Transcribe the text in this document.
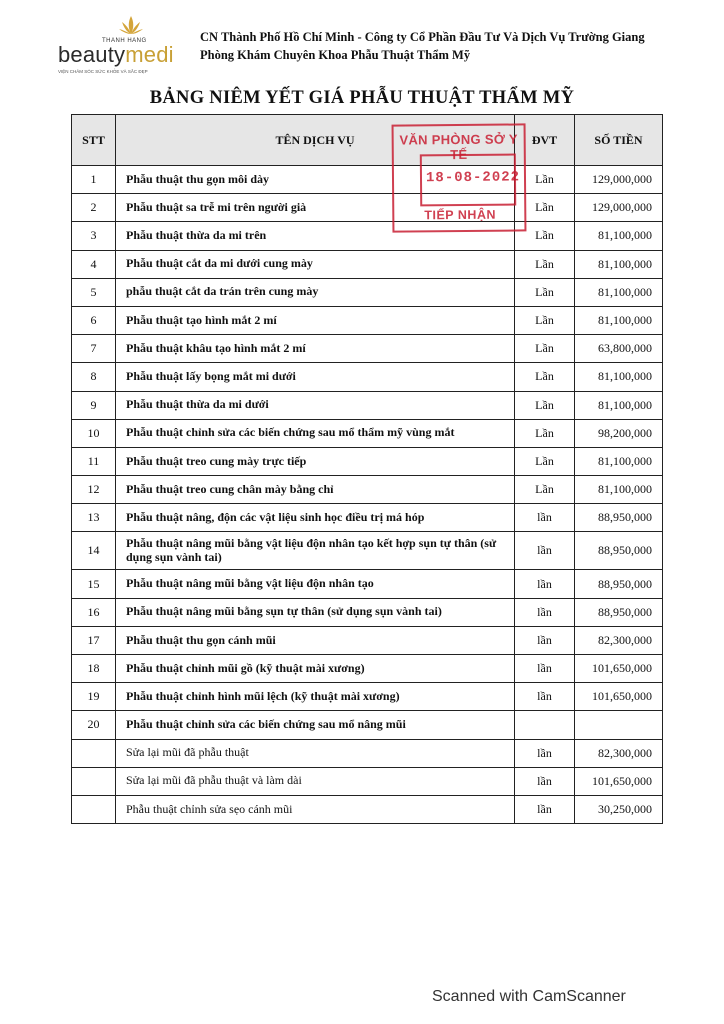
THANH HANG
beautymedi
VIỆN CHĂM SÓC SỨC KHỎE VÀ SẮC ĐẸP
CN Thành Phố Hồ Chí Minh - Công ty Cổ Phần Đầu Tư Và Dịch Vụ Trường Giang
Phòng Khám Chuyên Khoa Phẫu Thuật Thẩm Mỹ
BẢNG NIÊM YẾT GIÁ PHẪU THUẬT THẨM MỸ
STT	TÊN DỊCH VỤ	ĐVT	SỐ TIỀN
1	Phẫu thuật thu gọn môi dày	Lần	129,000,000
2	Phẫu thuật sa trễ mi trên người già	Lần	129,000,000
3	Phẫu thuật thừa da mi trên	Lần	81,100,000
4	Phẫu thuật cắt da mi dưới cung mày	Lần	81,100,000
5	phẫu thuật cắt da trán trên cung mày	Lần	81,100,000
6	Phẫu thuật tạo hình mắt 2 mí	Lần	81,100,000
7	Phẫu thuật khâu tạo hình mắt 2 mí	Lần	63,800,000
8	Phẫu thuật lấy bọng mắt mi dưới	Lần	81,100,000
9	Phẫu thuật thừa da mi dưới	Lần	81,100,000
10	Phẫu thuật chỉnh sửa các biến chứng sau mổ thẩm mỹ vùng mắt	Lần	98,200,000
11	Phẫu thuật treo cung mày trực tiếp	Lần	81,100,000
12	Phẫu thuật treo cung chân mày bằng chỉ	Lần	81,100,000
13	Phẫu thuật nâng, độn các vật liệu sinh học điều trị má hóp	lần	88,950,000
14	Phẫu thuật nâng mũi bằng vật liệu độn nhân tạo kết hợp sụn tự thân (sử dụng sụn vành tai)	lần	88,950,000
15	Phẫu thuật nâng mũi bằng vật liệu độn nhân tạo	lần	88,950,000
16	Phẫu thuật nâng mũi bằng sụn tự thân (sử dụng sụn vành tai)	lần	88,950,000
17	Phẫu thuật thu gọn cánh mũi	lần	82,300,000
18	Phẫu thuật chỉnh mũi gồ (kỹ thuật mài xương)	lần	101,650,000
19	Phẫu thuật chỉnh hình mũi lệch (kỹ thuật mài xương)	lần	101,650,000
20	Phẫu thuật chỉnh sửa các biến chứng sau mổ nâng mũi		
	Sửa lại mũi đã phẫu thuật	lần	82,300,000
	Sửa lại mũi đã phẫu thuật và làm dài	lần	101,650,000
	Phẫu thuật chỉnh sửa sẹo cánh mũi	lần	30,250,000
VĂN PHÒNG SỞ Y TẾ
18-08-2022
TIẾP NHẬN
Scanned with CamScanner
